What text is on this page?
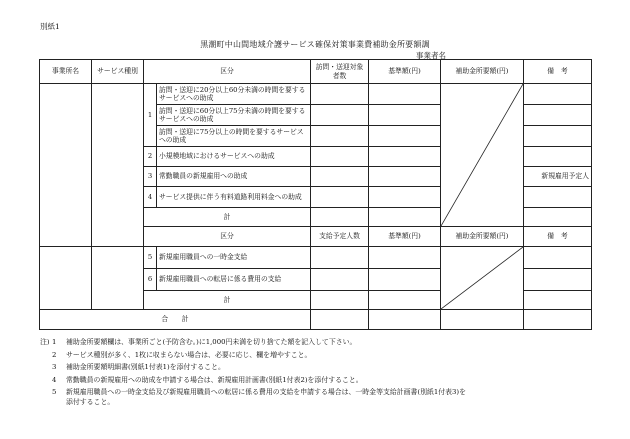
別紙1
黒潮町中山間地域介護サービス確保対策事業費補助金所要額調
事業者名
事業所名	サービス種別	区分		訪問・送迎対象者数	基準額(円)	補助金所要額(円)	備　考
		1	訪問・送迎に20分以上60分未満の時間を要するサービスへの助成			

			訪問・送迎に60分以上75分未満の時間を要するサービスへの助成				
			訪問・送迎に75分以上の時間を要するサービスへの助成				
		2	小規模地域におけるサービスへの助成				
		3	常勤職員の新規雇用への助成				新規雇用予定人
		4	サービス提供に伴う有料道路利用料金への助成				
		計					
		区分		支給予定人数	基準額(円)	補助金所要額(円)	備　考
		5	新規雇用職員への一時金支給			

		6	新規雇用職員への転居に係る費用の支給				
		計					
合　　計							
注) 1	補助金所要額欄は、事業所ごと(予防含む。)に1,000円未満を切り捨てた額を記入して下さい。
2	サービス種別が多く、1枚に収まらない場合は、必要に応じ、欄を増やすこと。
3	補助金所要額明細書(別紙1付表1)を添付すること。
4	常勤職員の新規雇用への助成を申請する場合は、新規雇用計画書(別紙1付表2)を添付すること。
5	新規雇用職員への一時金支給及び新規雇用職員への転居に係る費用の支給を申請する場合は、一時金等支給計画書(別紙1付表3)を
添付すること。
